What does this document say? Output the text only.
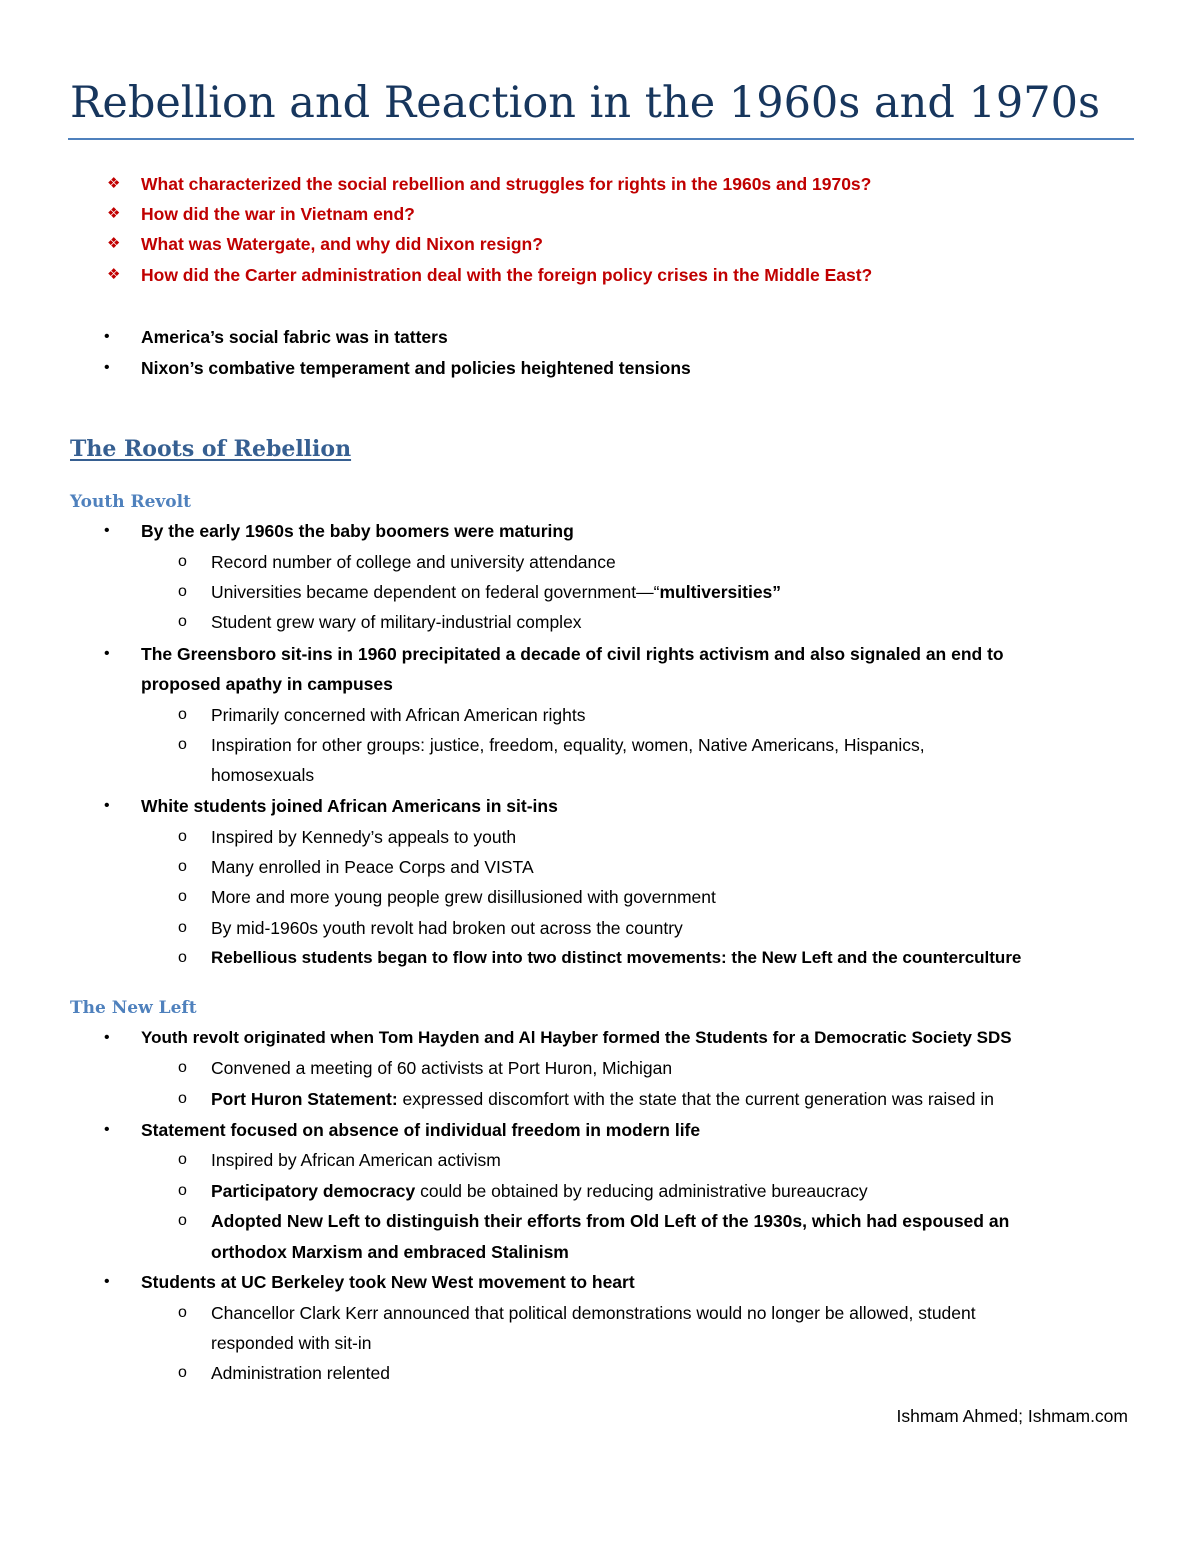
Rebellion and Reaction in the 1960s and 1970s
❖ What characterized the social rebellion and struggles for rights in the 1960s and 1970s?
❖ How did the war in Vietnam end?
❖ What was Watergate, and why did Nixon resign?
❖ How did the Carter administration deal with the foreign policy crises in the Middle East?
• America’s social fabric was in tatters
• Nixon’s combative temperament and policies heightened tensions
The Roots of Rebellion
Youth Revolt
• By the early 1960s the baby boomers were maturing
o Record number of college and university attendance
o Universities became dependent on federal government—“multiversities”
o Student grew wary of military-industrial complex
• The Greensboro sit-ins in 1960 precipitated a decade of civil rights activism and also signaled an end to
proposed apathy in campuses
o Primarily concerned with African American rights
o Inspiration for other groups: justice, freedom, equality, women, Native Americans, Hispanics,
homosexuals
• White students joined African Americans in sit-ins
o Inspired by Kennedy’s appeals to youth
o Many enrolled in Peace Corps and VISTA
o More and more young people grew disillusioned with government
o By mid-1960s youth revolt had broken out across the country
o Rebellious students began to flow into two distinct movements: the New Left and the counterculture
The New Left
• Youth revolt originated when Tom Hayden and Al Hayber formed the Students for a Democratic Society SDS
o Convened a meeting of 60 activists at Port Huron, Michigan
o Port Huron Statement: expressed discomfort with the state that the current generation was raised in
• Statement focused on absence of individual freedom in modern life
o Inspired by African American activism
o Participatory democracy could be obtained by reducing administrative bureaucracy
o Adopted New Left to distinguish their efforts from Old Left of the 1930s, which had espoused an
orthodox Marxism and embraced Stalinism
• Students at UC Berkeley took New West movement to heart
o Chancellor Clark Kerr announced that political demonstrations would no longer be allowed, student
responded with sit-in
o Administration relented
Ishmam Ahmed; Ishmam.com
